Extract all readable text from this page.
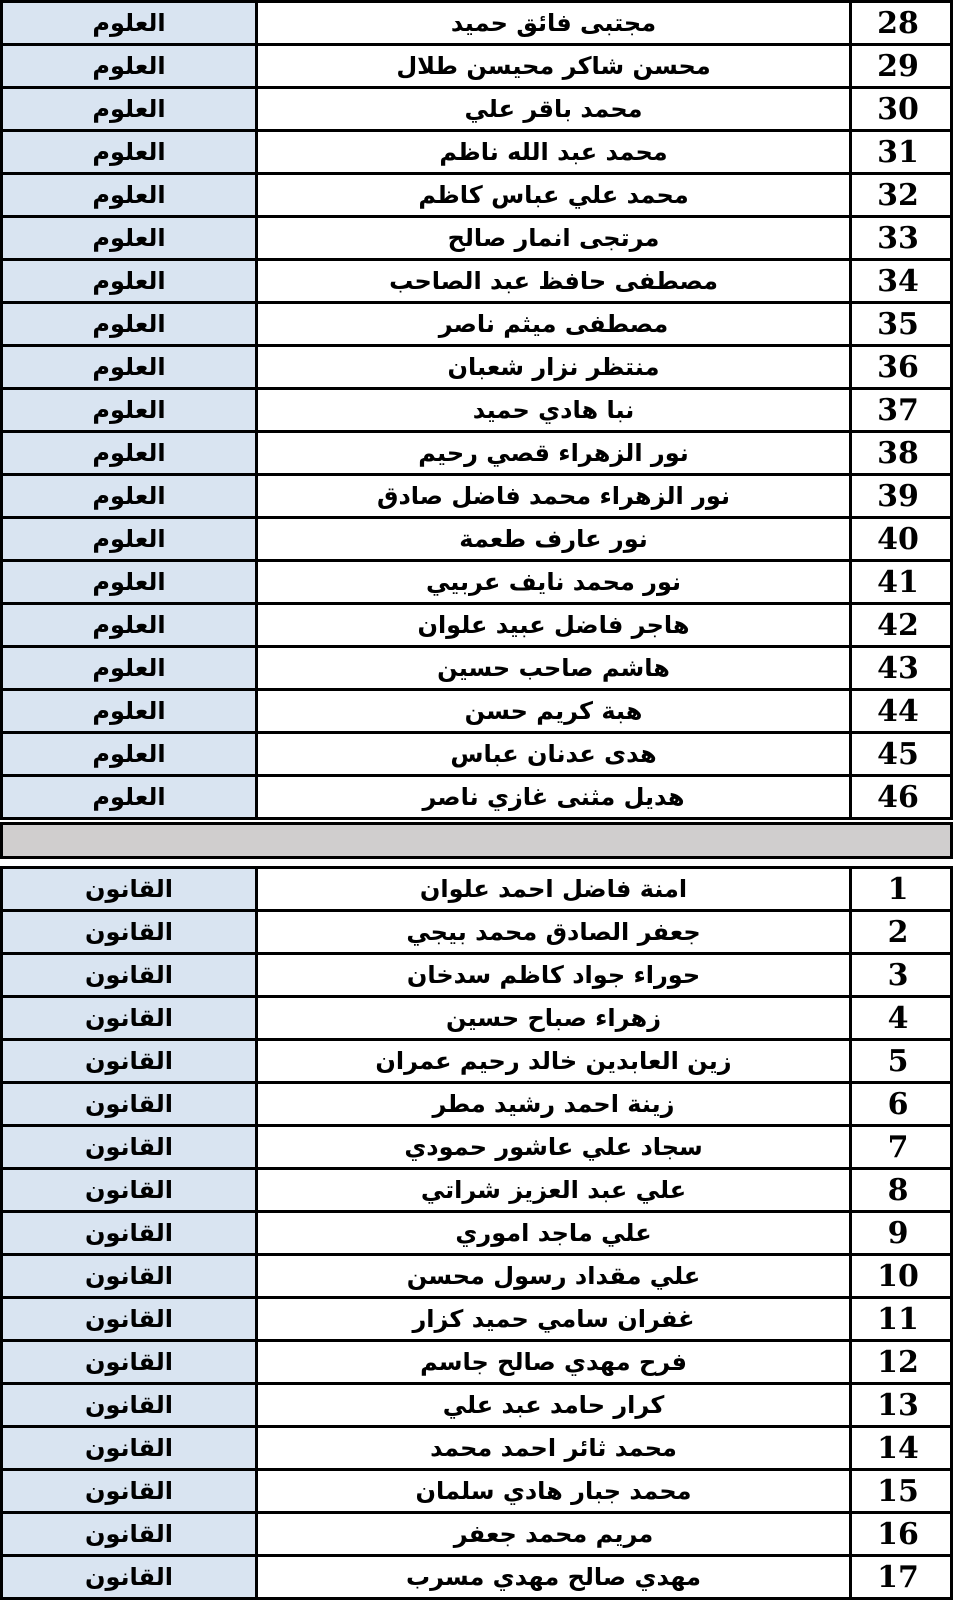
العلوم	مجتبى فائق حميد	28
العلوم	محسن شاكر محيسن طلال	29
العلوم	محمد باقر علي	30
العلوم	محمد عبد الله ناظم	31
العلوم	محمد علي عباس كاظم	32
العلوم	مرتجى انمار صالح	33
العلوم	مصطفى حافظ عبد الصاحب	34
العلوم	مصطفى ميثم ناصر	35
العلوم	منتظر نزار شعبان	36
العلوم	نبا هادي حميد	37
العلوم	نور الزهراء قصي رحيم	38
العلوم	نور الزهراء محمد فاضل صادق	39
العلوم	نور عارف طعمة	40
العلوم	نور محمد نايف عربيي	41
العلوم	هاجر فاضل عبيد علوان	42
العلوم	هاشم صاحب حسين	43
العلوم	هبة كريم حسن	44
العلوم	هدى عدنان عباس	45
العلوم	هديل مثنى غازي ناصر	46
القانون	امنة فاضل احمد علوان	1
القانون	جعفر الصادق محمد بيجي	2
القانون	حوراء جواد كاظم سدخان	3
القانون	زهراء صباح حسين	4
القانون	زين العابدين خالد رحيم عمران	5
القانون	زينة احمد رشيد مطر	6
القانون	سجاد علي عاشور حمودي	7
القانون	علي عبد العزيز شراتي	8
القانون	علي ماجد اموري	9
القانون	علي مقداد رسول محسن	10
القانون	غفران سامي حميد كزار	11
القانون	فرح مهدي صالح جاسم	12
القانون	كرار حامد عبد علي	13
القانون	محمد ثائر احمد محمد	14
القانون	محمد جبار هادي سلمان	15
القانون	مريم محمد جعفر	16
القانون	مهدي صالح مهدي مسرب	17
